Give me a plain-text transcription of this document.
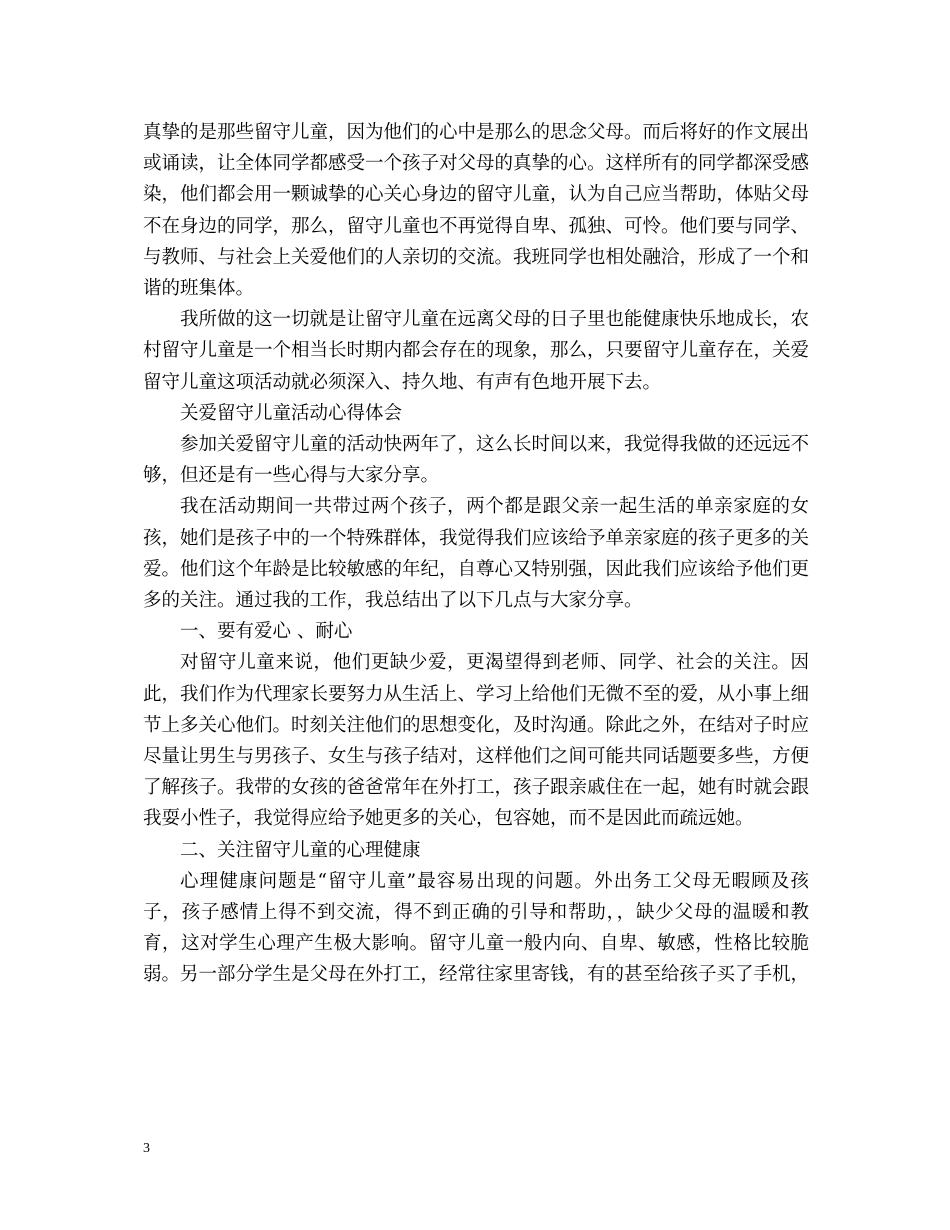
真挚的是那些留守儿童，因为他们的心中是那么的思念父母。而后将好的作文展出或诵读，让全体同学都感受一个孩子对父母的真挚的心。这样所有的同学都深受感染，他们都会用一颗诚挚的心关心身边的留守儿童，认为自己应当帮助，体贴父母不在身边的同学，那么，留守儿童也不再觉得自卑、孤独、可怜。他们要与同学、与教师、与社会上关爱他们的人亲切的交流。我班同学也相处融洽，形成了一个和谐的班集体。

我所做的这一切就是让留守儿童在远离父母的日子里也能健康快乐地成长，农村留守儿童是一个相当长时期内都会存在的现象，那么，只要留守儿童存在，关爱留守儿童这项活动就必须深入、持久地、有声有色地开展下去。

关爱留守儿童活动心得体会

参加关爱留守儿童的活动快两年了，这么长时间以来，我觉得我做的还远远不够，但还是有一些心得与大家分享。

我在活动期间一共带过两个孩子，两个都是跟父亲一起生活的单亲家庭的女孩，她们是孩子中的一个特殊群体，我觉得我们应该给予单亲家庭的孩子更多的关爱。他们这个年龄是比较敏感的年纪，自尊心又特别强，因此我们应该给予他们更多的关注。通过我的工作，我总结出了以下几点与大家分享。

一、要有爱心 、耐心

对留守儿童来说，他们更缺少爱，更渴望得到老师、同学、社会的关注。因此，我们作为代理家长要努力从生活上、学习上给他们无微不至的爱，从小事上细节上多关心他们。时刻关注他们的思想变化，及时沟通。除此之外，在结对子时应尽量让男生与男孩子、女生与孩子结对，这样他们之间可能共同话题要多些，方便了解孩子。我带的女孩的爸爸常年在外打工，孩子跟亲戚住在一起，她有时就会跟我耍小性子，我觉得应给予她更多的关心，包容她，而不是因此而疏远她。

二、关注留守儿童的心理健康

心理健康问题是“留守儿童”最容易出现的问题。外出务工父母无暇顾及孩子，孩子感情上得不到交流，得不到正确的引导和帮助，，缺少父母的温暖和教育，这对学生心理产生极大影响。留守儿童一般内向、自卑、敏感，性格比较脆弱。另一部分学生是父母在外打工，经常往家里寄钱，有的甚至给孩子买了手机，

3
